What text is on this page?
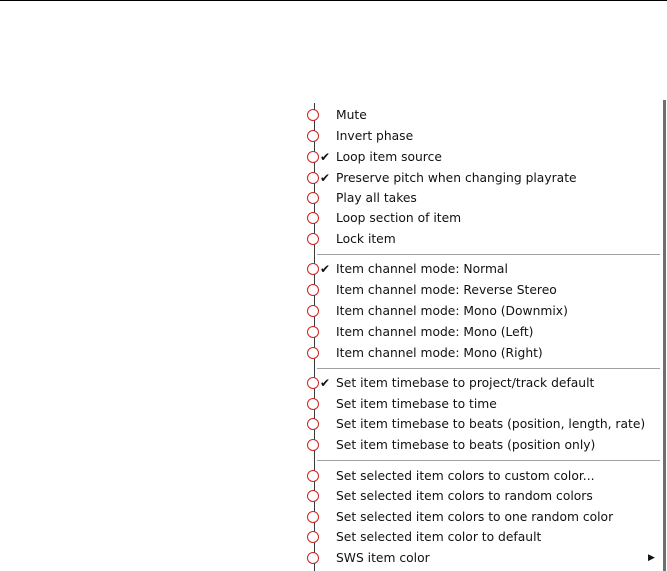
Mute
Invert phase
✔ Loop item source
✔ Preserve pitch when changing playrate
Play all takes
Loop section of item
Lock item
✔ Item channel mode: Normal
Item channel mode: Reverse Stereo
Item channel mode: Mono (Downmix)
Item channel mode: Mono (Left)
Item channel mode: Mono (Right)
✔ Set item timebase to project/track default
Set item timebase to time
Set item timebase to beats (position, length, rate)
Set item timebase to beats (position only)
Set selected item colors to custom color...
Set selected item colors to random colors
Set selected item colors to one random color
Set selected item color to default
SWS item color	▶
